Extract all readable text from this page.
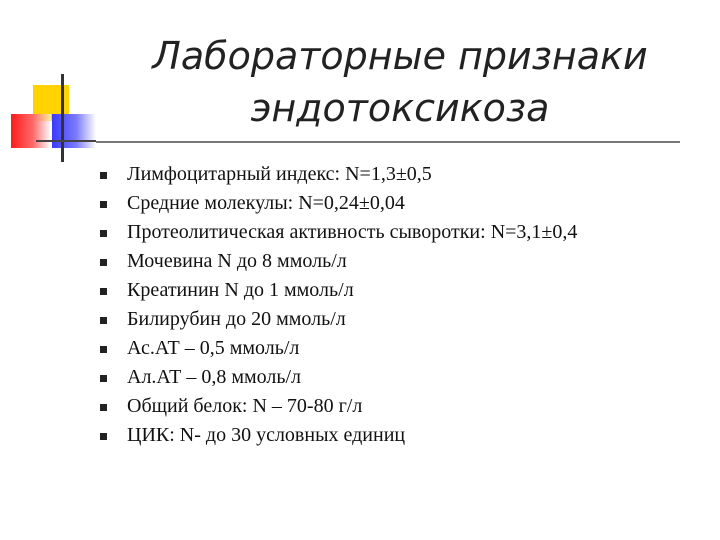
Лабораторные признаки
эндотоксикоза
Лимфоцитарный индекс: N=1,3±0,5
Средние молекулы: N=0,24±0,04
Протеолитическая активность сыворотки: N=3,1±0,4
Мочевина N до 8 ммоль/л
Креатинин N до 1 ммоль/л
Билирубин до 20 ммоль/л
Ас.АТ – 0,5 ммоль/л
Ал.АТ – 0,8 ммоль/л
Общий белок: N – 70-80 г/л
ЦИК: N- до 30 условных единиц
